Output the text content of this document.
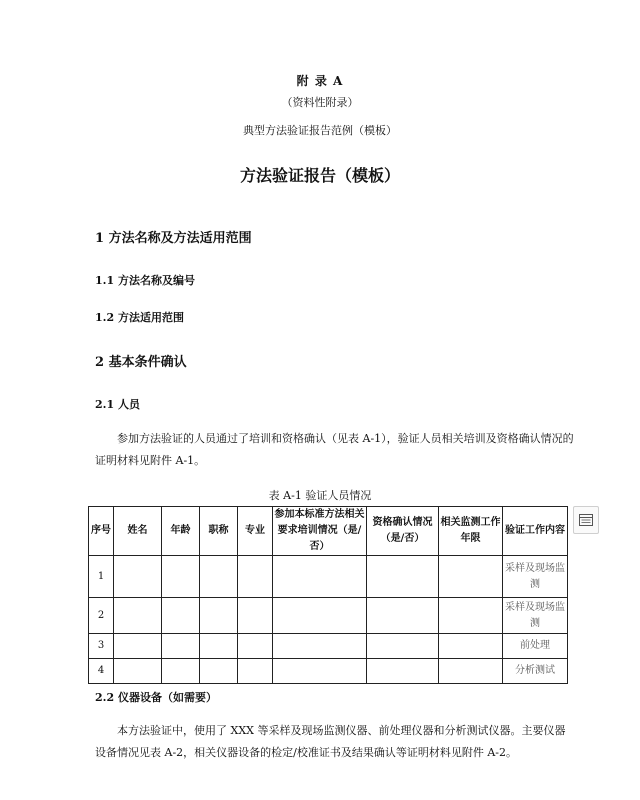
附 录 A
（资料性附录）
典型方法验证报告范例（模板）
方法验证报告（模板）
1 方法名称及方法适用范围
1.1 方法名称及编号
1.2 方法适用范围
2 基本条件确认
2.1 人员
参加方法验证的人员通过了培训和资格确认（见表 A-1），验证人员相关培训及资格确认情况的证明材料见附件 A-1。
表 A-1 验证人员情况
序号	姓名	年龄	职称	专业	参加本标准方法相关要求培训情况（是/否）	资格确认情况（是/否）	相关监测工作年限	验证工作内容
1								采样及现场监测
2								采样及现场监测
3								前处理
4								分析测试
2.2 仪器设备（如需要）
本方法验证中，使用了 XXX 等采样及现场监测仪器、前处理仪器和分析测试仪器。主要仪器设备情况见表 A-2，相关仪器设备的检定/校准证书及结果确认等证明材料见附件 A-2。
